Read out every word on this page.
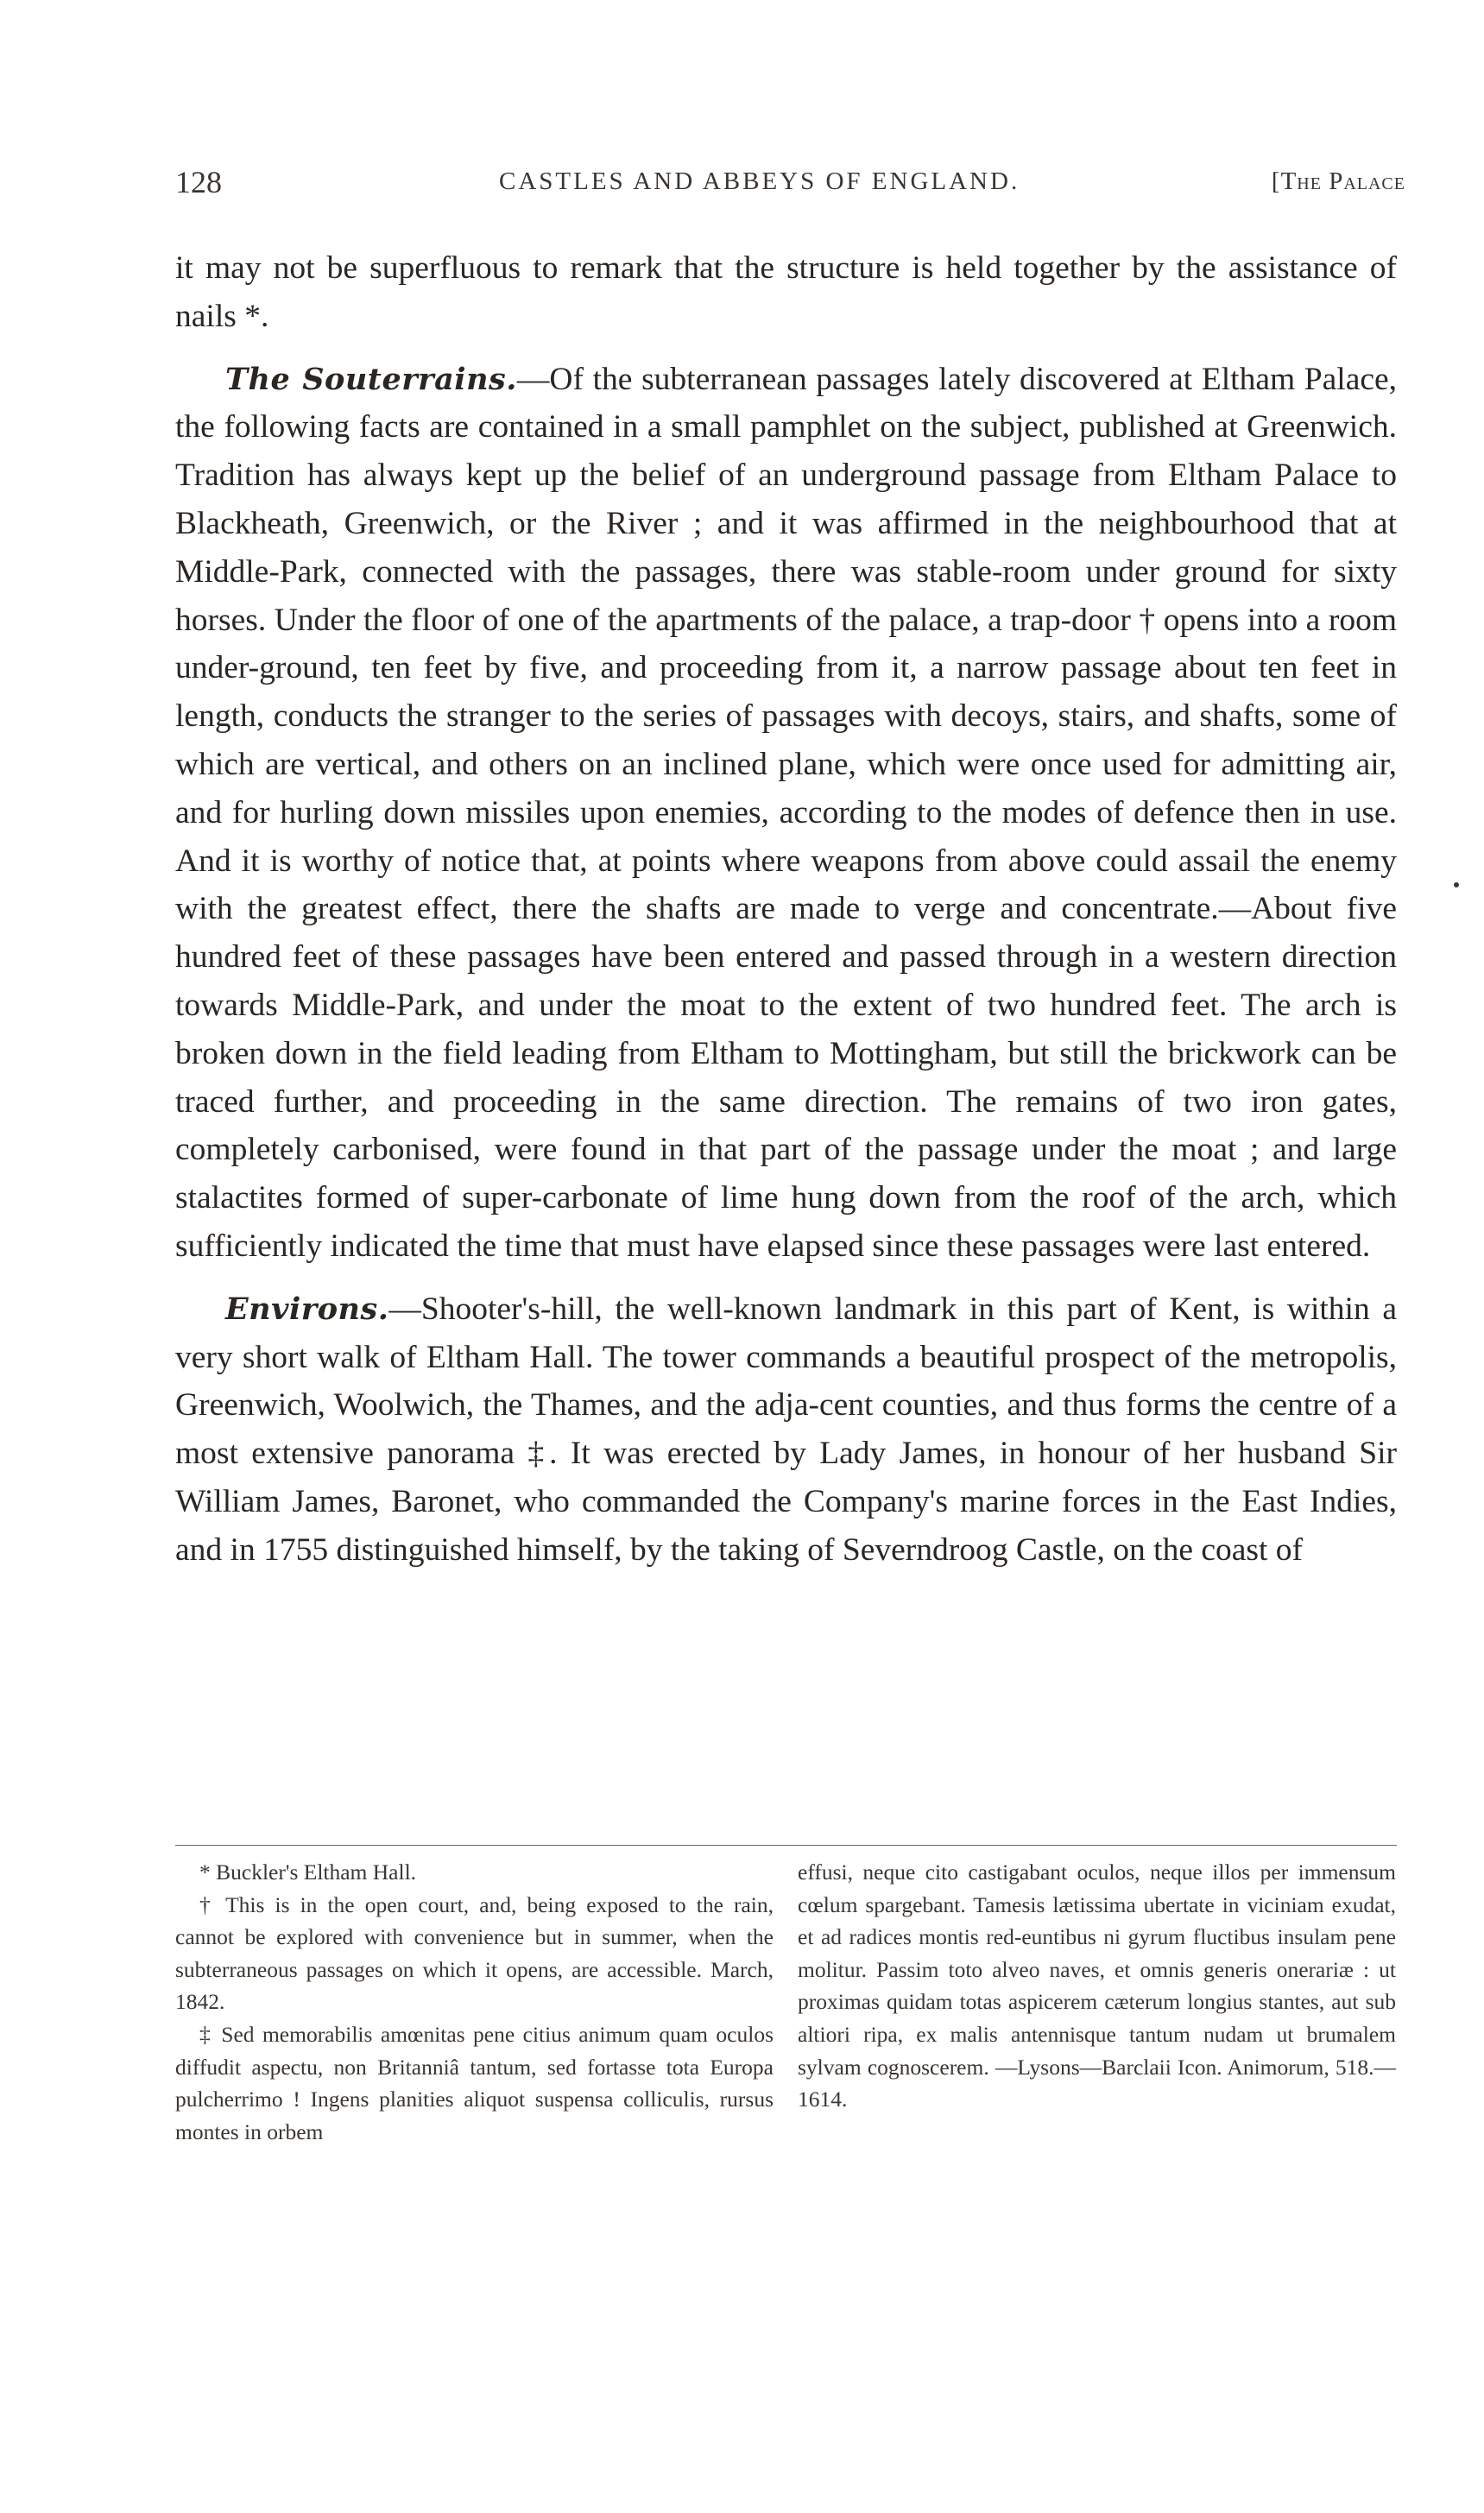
128	CASTLES AND ABBEYS OF ENGLAND.	[The Palace

it may not be superfluous to remark that the structure is held together by the assistance of nails *.

The Souterrains.—Of the subterranean passages lately discovered at Eltham Palace, the following facts are contained in a small pamphlet on the subject, published at Greenwich. Tradition has always kept up the belief of an underground passage from Eltham Palace to Blackheath, Greenwich, or the River ; and it was affirmed in the neighbourhood that at Middle-Park, connected with the passages, there was stable-room under ground for sixty horses. Under the floor of one of the apartments of the palace, a trap-door † opens into a room under-ground, ten feet by five, and proceeding from it, a narrow passage about ten feet in length, conducts the stranger to the series of passages with decoys, stairs, and shafts, some of which are vertical, and others on an inclined plane, which were once used for admitting air, and for hurling down missiles upon enemies, according to the modes of defence then in use. And it is worthy of notice that, at points where weapons from above could assail the enemy with the greatest effect, there the shafts are made to verge and concentrate.—About five hundred feet of these passages have been entered and passed through in a western direction towards Middle-Park, and under the moat to the extent of two hundred feet. The arch is broken down in the field leading from Eltham to Mottingham, but still the brickwork can be traced further, and proceeding in the same direction. The remains of two iron gates, completely carbonised, were found in that part of the passage under the moat ; and large stalactites formed of super-carbonate of lime hung down from the roof of the arch, which sufficiently indicated the time that must have elapsed since these passages were last entered.

Environs.—Shooter's-hill, the well-known landmark in this part of Kent, is within a very short walk of Eltham Hall. The tower commands a beautiful prospect of the metropolis, Greenwich, Woolwich, the Thames, and the adja-cent counties, and thus forms the centre of a most extensive panorama ‡. It was erected by Lady James, in honour of her husband Sir William James, Baronet, who commanded the Company's marine forces in the East Indies, and in 1755 distinguished himself, by the taking of Severndroog Castle, on the coast of

* Buckler's Eltham Hall.

† This is in the open court, and, being exposed to the rain, cannot be explored with convenience but in summer, when the subterraneous passages on which it opens, are accessible. March, 1842.

‡ Sed memorabilis amœnitas pene citius animum quam oculos diffudit aspectu, non Britanniâ tantum, sed fortasse tota Europa pulcherrimo ! Ingens planities aliquot suspensa colliculis, rursus montes in orbem

effusi, neque cito castigabant oculos, neque illos per immensum cœlum spargebant. Tamesis lætissima ubertate in viciniam exudat, et ad radices montis red-euntibus ni gyrum fluctibus insulam pene molitur. Passim toto alveo naves, et omnis generis onerariæ : ut proximas quidam totas aspicerem cæterum longius stantes, aut sub altiori ripa, ex malis antennisque tantum nudam ut brumalem sylvam cognoscerem. —Lysons—Barclaii Icon. Animorum, 518.—1614.
